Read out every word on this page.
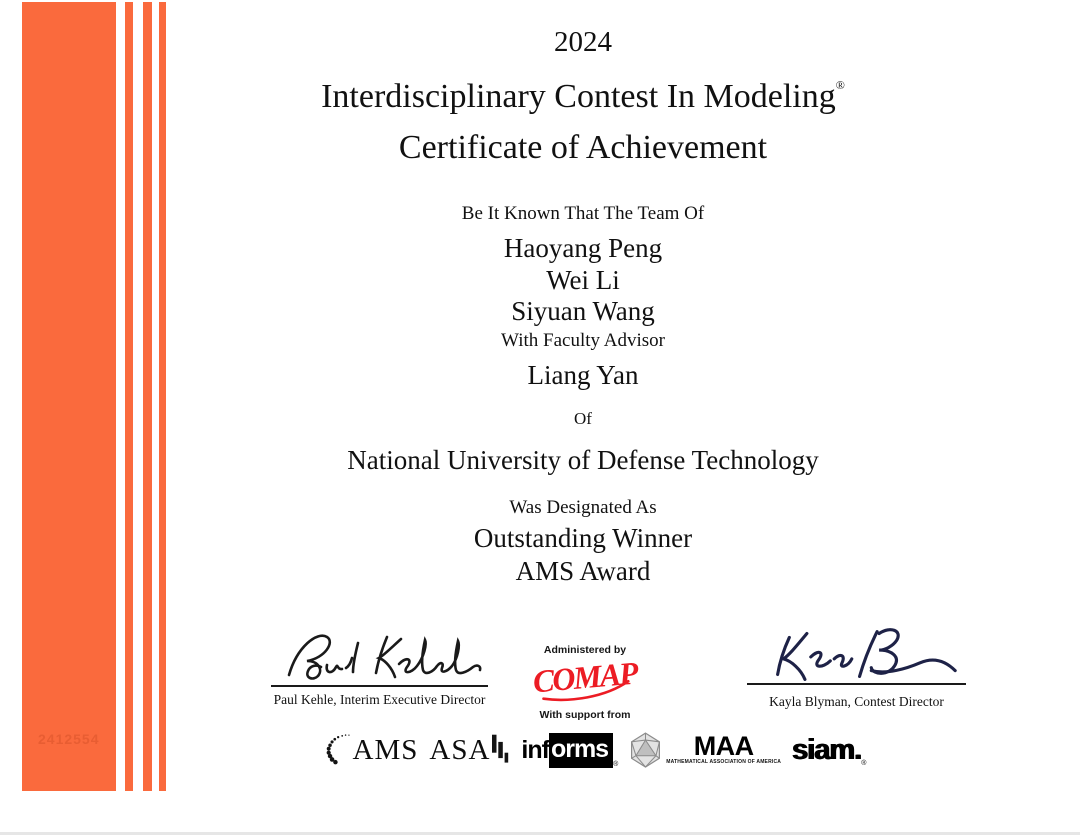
2412554
2024
Interdisciplinary Contest In Modeling®
Certificate of Achievement
Be It Known That The Team Of
Haoyang Peng
Wei Li
Siyuan Wang
With Faculty Advisor
Liang Yan
Of
National University of Defense Technology
Was Designated As
Outstanding Winner
AMS Award
Paul Kehle, Interim Executive Director
Administered by
COMAP
With support from
Kayla Blyman, Contest Director
AMS ASA inf orms
®
MAA
MATHEMATICAL ASSOCIATION OF AMERICA siam. ®
